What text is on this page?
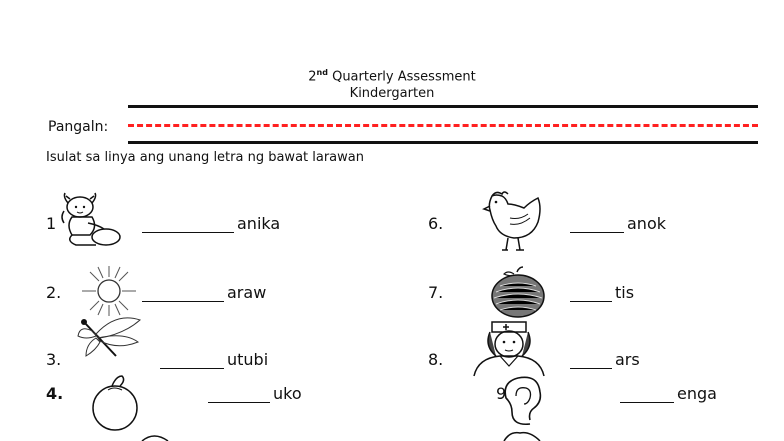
2nd Quarterly Assessment
Kindergarten
Pangaln:
Isulat sa linya ang unang letra ng bawat larawan
1	anika
2.	araw
3.	utubi
4.	uko
6.	anok
7.	tis
8.	ars
9	enga
